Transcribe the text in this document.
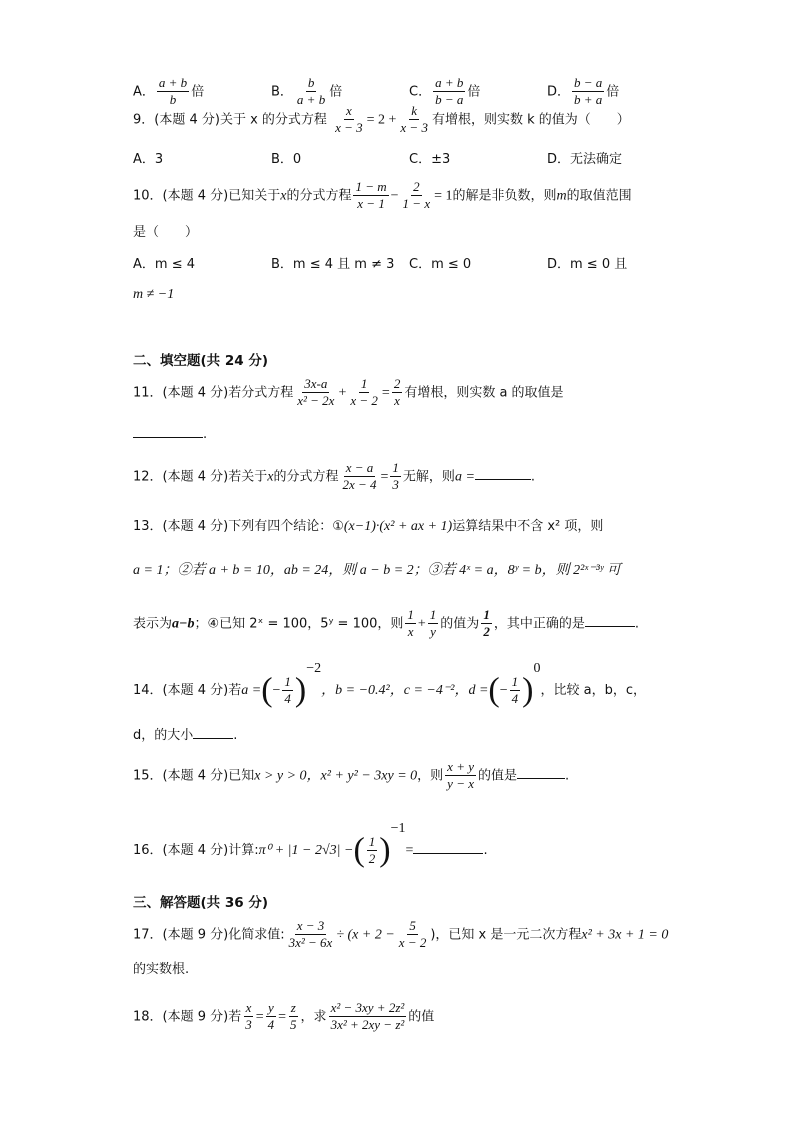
A． $\frac{a + b}{b}$ 倍	B． $\frac{b}{a + b}$ 倍	C． $\frac{a + b}{b - a}$ 倍	D． $\frac{b - a}{b + a}$ 倍
9．(本题 4 分)关于 x 的分式方程 $\frac{x}{x - 3} = 2 + \frac{k}{x - 3}$ 有增根，则实数 k 的值为（　　）
A．3	B．0	C．±3	D．无法确定
10．(本题 4 分)已知关于x的分式方程 $\frac{1 - m}{x - 1} - \frac{2}{1 - x} = 1$的解是非负数，则m的取值范围
是（　　）
A．m ≤ 4	B．m ≤ 4 且 m ≠ 3 C．m ≤ 0	D．m ≤ 0 且
m ≠ −1
二、填空题(共 24 分)
11．(本题 4 分)若分式方程 $\frac{3x-a}{\text{x² − 2x}} + \frac{1}{x - 2} = \frac{2}{x}$ 有增根，则实数 a 的取值是
.
12．(本题 4 分)若关于x的分式方程 $\frac{x - a}{2x - 4} = \frac{1}{3}$ 无解，则a =	.
13．(本题 4 分)下列有四个结论：①(x−1)·(x² + ax + 1)运算结果中不含 x² 项，则
a = 1；②若 a + b = 10，ab = 24，则 a − b = 2；③若 4ˣ = a，8ʸ = b，则 2²ˣ⁻³ʸ 可
表示为a−b；④已知 2ˣ = 100，5ʸ = 100，则 $\frac{1}{x} + \frac{1}{y}$ 的值为 $\frac{1}{2}$ ，其中正确的是	.
14．(本题 4 分)若a =(− $\frac{1}{4} )^{-2}$，b = −0.4²，c = −4⁻²，d =(− $\frac{1}{4} )^0$，比较 a，b，c，
d，的大小	.
15．(本题 4 分)已知x > y > 0，x² + y² − 3xy = 0，则 $\frac{x + y}{y - x}$ 的值是	.
16．(本题 4 分)计算:π⁰ + |1 − 2√3| −( $\frac{1}{2} )^{-1}=$	.
三、解答题(共 36 分)
17．(本题 9 分)化简求值: $\frac{x - 3}{\text{3x² − 6x}} \div (x + 2 - \frac{5}{x - 2}$ )，已知 x 是一元二次方程x² + 3x + 1 = 0
的实数根.
18．(本题 9 分)若 $\frac{x}{3} = \frac{y}{4} = \frac{z}{5}$ ，求 $\frac{\text{x² − 3xy + 2z²}}{\text{3x² + 2xy − z²}}$ 的值
